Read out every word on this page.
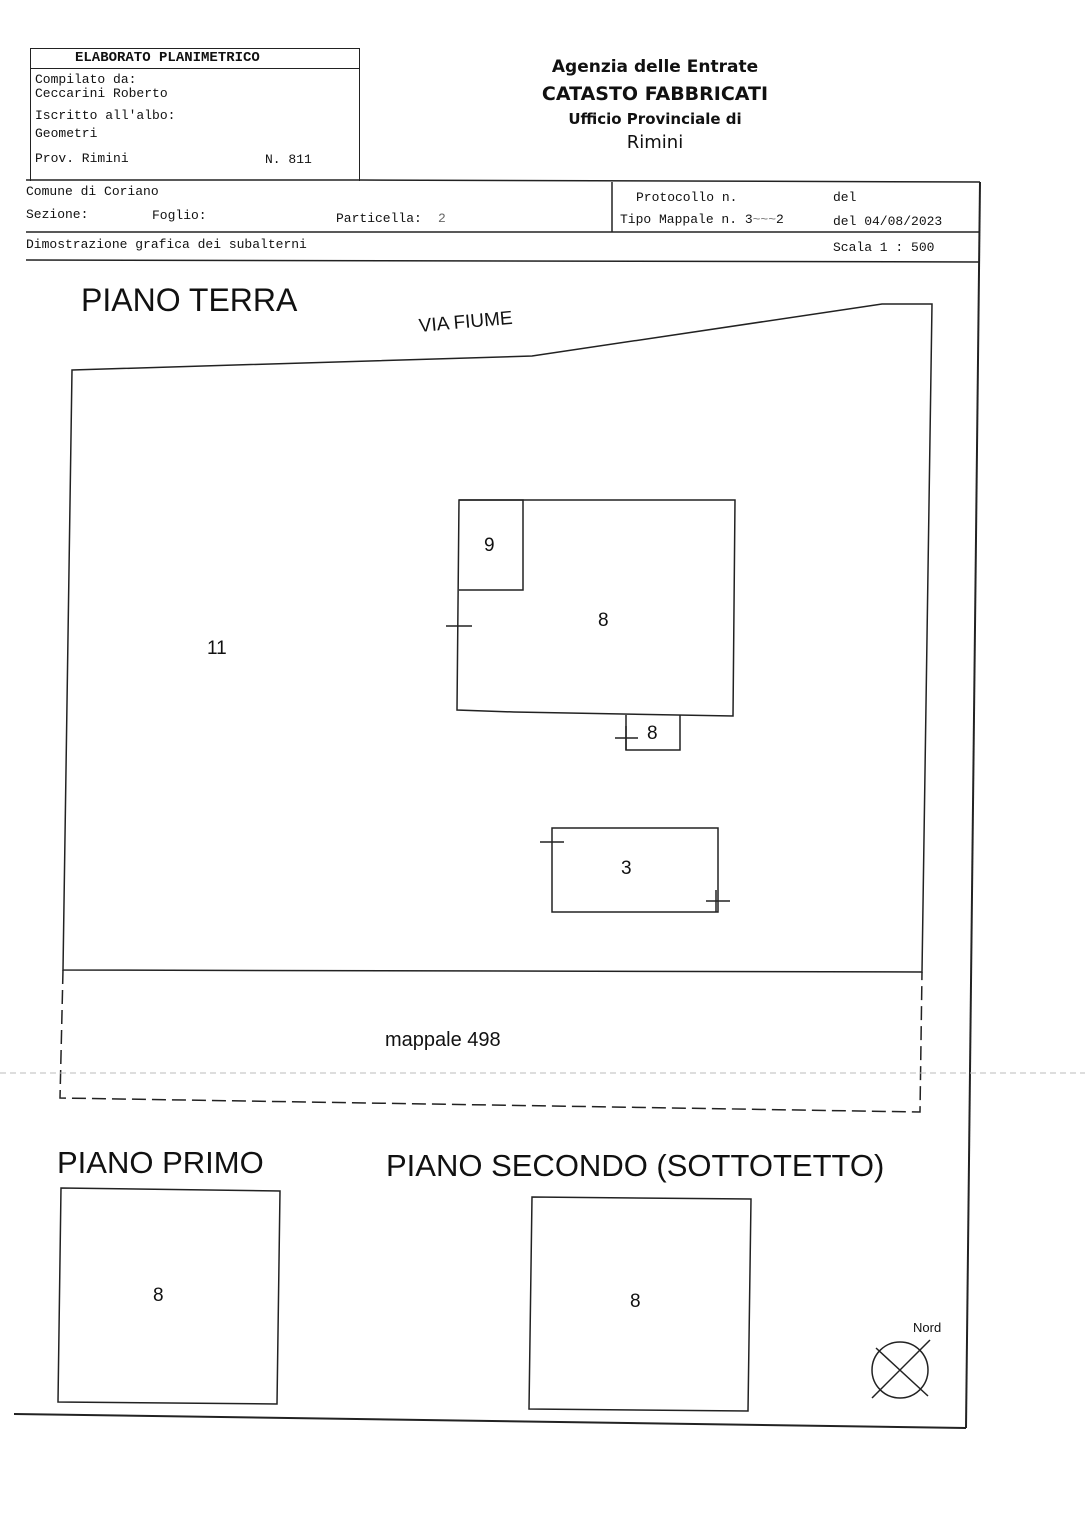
ELABORATO PLANIMETRICO
Compilato da:
Ceccarini Roberto
Iscritto all'albo:
Geometri
Prov. Rimini	N. 811
Agenzia delle Entrate
CATASTO FABBRICATI
Ufficio Provinciale di
Rimini
Comune di Coriano
Sezione:	Foglio:	Particella: 2
Protocollo n.	del
Tipo Mappale n. 3~~~2	del 04/08/2023
Dimostrazione grafica dei subalterni	Scala 1 : 500
PIANO TERRA
VIA FIUME
11
9
8
8
3
mappale 498
PIANO PRIMO
8
PIANO SECONDO (SOTTOTETTO)
8
Nord
